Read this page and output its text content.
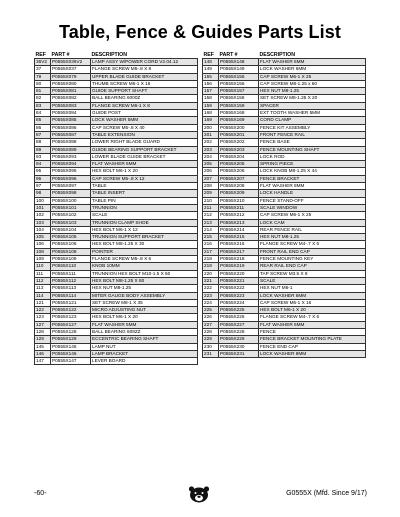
Table, Fence & Guides Parts List
REF	PART #	DESCRIPTION
36V2	P0555X036V2	LAMP ASSY W/POWER CORD V2.04.12
37	P0555X037	FLANGE SCREW M5-.8 X 8
79	P0555X079	UPPER BLADE GUIDE BRACKET
80	P0555X080	THUMB SCREW M6-1 X 16
81	P0555X081	GUIDE SUPPORT SHAFT
82	P0555X082	BALL BEARING 6000Z
83	P0555X083	FLANGE SCREW M6-1 X 8
84	P0555X084	GUIDE POST
85	P0555X085	LOCK WASHER 5MM
86	P0555X086	CAP SCREW M5-.8 X 40
87	P0555X087	TABLE EXTENSION
88	P0555X088	LOWER RIGHT BLADE GUARD
89	P0555X089	GUIDE BEARING SUPPORT BRACKET
93	P0555X093	LOWER BLADE GUIDE BRACKET
94	P0555X094	FLAT WASHER 6MM
95	P0555X095	HEX BOLT M6-1 X 20
96	P0555X096	CAP SCREW M5-.8 X 12
97	P0555X097	TABLE
98	P0555X098	TABLE INSERT
100	P0555X100	TABLE PIN
101	P0555X101	TRUNNION
102	P0555X102	SCALE
103	P0555X103	TRUNNION CLAMP SHOE
104	P0555X104	HEX BOLT M6-1 X 12
105	P0555X105	TRUNNION SUPPORT BRACKET
106	P0555X106	HEX BOLT M8-1.25 X 30
108	P0555X108	POINTER
109	P0555X109	FLANGE SCREW M5-.8 X 6
110	P0555X110	KNOB 10MM
111	P0555X111	TRUNNION HEX BOLT M10-1.5 X 50
112	P0555X112	HEX BOLT M8-1.25 X 80
113	P0555X113	HEX NUT M8-1.25
114	P0555X114	MITER GAUGE BODY ASSEMBLY
121	P0555X121	SET SCREW M8-1 X 35
122	P0555X122	MICRO ADJUSTING NUT
123	P0555X123	HEX BOLT M6-1 X 20
127	P0555X127	FLAT WASHER 5MM
128	P0555X128	BALL BEARING 608ZZ
129	P0555X129	ECCENTRIC BEARING SHAFT
145	P0555X145	LAMP NUT
146	P0555X146	LAMP BRACKET
147	P0555X147	LEVER BOARD
REF	PART #	DESCRIPTION
148	P0555X148	FLAT WASHER 6MM
149	P0555X149	LOCK WASHER 6MM
155	P0555X155	CAP SCREW M6-1 X 25
156	P0555X156	CAP SCREW M8-1.25 x 60
157	P0555X157	HEX NUT M8-1.25
158	P0555X158	SET SCREW M8-1.25 X 20
159	P0555X159	SPACER
168	P0555X168	EXT TOOTH WASHER 5MM
169	P0555X169	CORD CLAMP
200	P0555X200	FENCE KIT ASSEMBLY
201	P0555X201	FRONT FENCE RAIL
202	P0555X202	FENCE BASE
203	P0555X203	FENCE MOUNTING SHAFT
204	P0555X204	LOCK ROD
205	P0555X205	SPRING PIECE
206	P0555X206	LOCK KNOB M8-1.25 X 44
207	P0555X207	FENCE BRACKET
208	P0555X208	FLAT WASHER 8MM
209	P0555X209	LOCK HANDLE
210	P0555X210	FENCE STAND-OFF
211	P0555X211	SCALE WINDOW
212	P0555X212	CAP SCREW M6-1 X 25
213	P0555X213	LOCK CAM
214	P0555X214	REAR FENCE RAIL
215	P0555X215	HEX NUT M8-1.25
216	P0555X216	FLANGE SCREW M4-.7 X 6
217	P0555X217	FRONT RAIL END CAP
218	P0555X218	FENCE MOUNTING KEY
219	P0555X219	REAR RAIL END CAP
220	P0555X220	TAP SCREW M3.5 X 8
221	P0555X221	SCALE
222	P0555X222	HEX NUT M6-1
223	P0555X223	LOCK WASHER 6MM
224	P0555X224	CAP SCREW M6-1 X 16
225	P0555X225	HEX BOLT M6-1 X 20
226	P0555X226	FLANGE SCREW M4-.7 X 6
227	P0555X227	FLAT WASHER 6MM
228	P0555X228	FENCE
229	P0555X229	FENCE BRACKET MOUNTING PLATE
230	P0555X230	FENCE END CAP
231	P0555X231	LOCK WASHER 8MM
-60-	G0555X (Mfd. Since 9/17)
